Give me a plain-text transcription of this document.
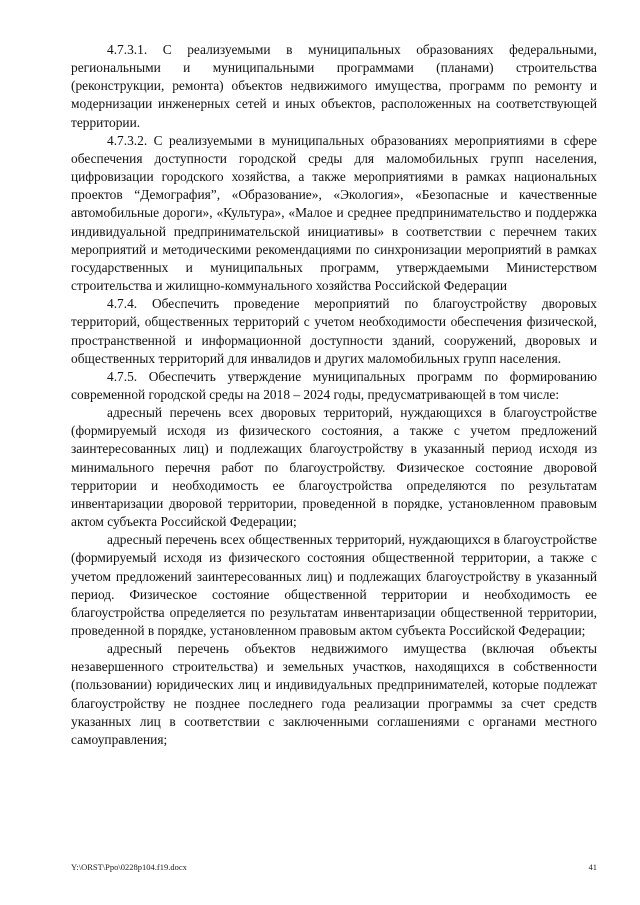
4.7.3.1. С реализуемыми в муниципальных образованиях федеральными, региональными и муниципальными программами (планами) строительства (реконструкции, ремонта) объектов недвижимого имущества, программ по ремонту и модернизации инженерных сетей и иных объектов, расположенных на соответствующей территории.

4.7.3.2. С реализуемыми в муниципальных образованиях мероприятиями в сфере обеспечения доступности городской среды для маломобильных групп населения, цифровизации городского хозяйства, а также мероприятиями в рамках национальных проектов “Демография”, «Образование», «Экология», «Безопасные и качественные автомобильные дороги», «Культура», «Малое и среднее предпринимательство и поддержка индивидуальной предпринимательской инициативы» в соответствии с перечнем таких мероприятий и методическими рекомендациями по синхронизации мероприятий в рамках государственных и муниципальных программ, утверждаемыми Министерством строительства и жилищно-коммунального хозяйства Российской Федерации

4.7.4. Обеспечить проведение мероприятий по благоустройству дворовых территорий, общественных территорий с учетом необходимости обеспечения физической, пространственной и информационной доступности зданий, сооружений, дворовых и общественных территорий для инвалидов и других маломобильных групп населения.

4.7.5. Обеспечить утверждение муниципальных программ по формированию современной городской среды на 2018 – 2024 годы, предусматривающей в том числе:

адресный перечень всех дворовых территорий, нуждающихся в благоустройстве (формируемый исходя из физического состояния, а также с учетом предложений заинтересованных лиц) и подлежащих благоустройству в указанный период исходя из минимального перечня работ по благоустройству. Физическое состояние дворовой территории и необходимость ее благоустройства определяются по результатам инвентаризации дворовой территории, проведенной в порядке, установленном правовым актом субъекта Российской Федерации;

адресный перечень всех общественных территорий, нуждающихся в благоустройстве (формируемый исходя из физического состояния общественной территории, а также с учетом предложений заинтересованных лиц) и подлежащих благоустройству в указанный период. Физическое состояние общественной территории и необходимость ее благоустройства определяется по результатам инвентаризации общественной территории, проведенной в порядке, установленном правовым актом субъекта Российской Федерации;

адресный перечень объектов недвижимого имущества (включая объекты незавершенного строительства) и земельных участков, находящихся в собственности (пользовании) юридических лиц и индивидуальных предпринимателей, которые подлежат благоустройству не позднее последнего года реализации программы за счет средств указанных лиц в соответствии с заключенными соглашениями с органами местного самоуправления;

Y:\ORST\Ppo\0228p104.f19.docx	41
